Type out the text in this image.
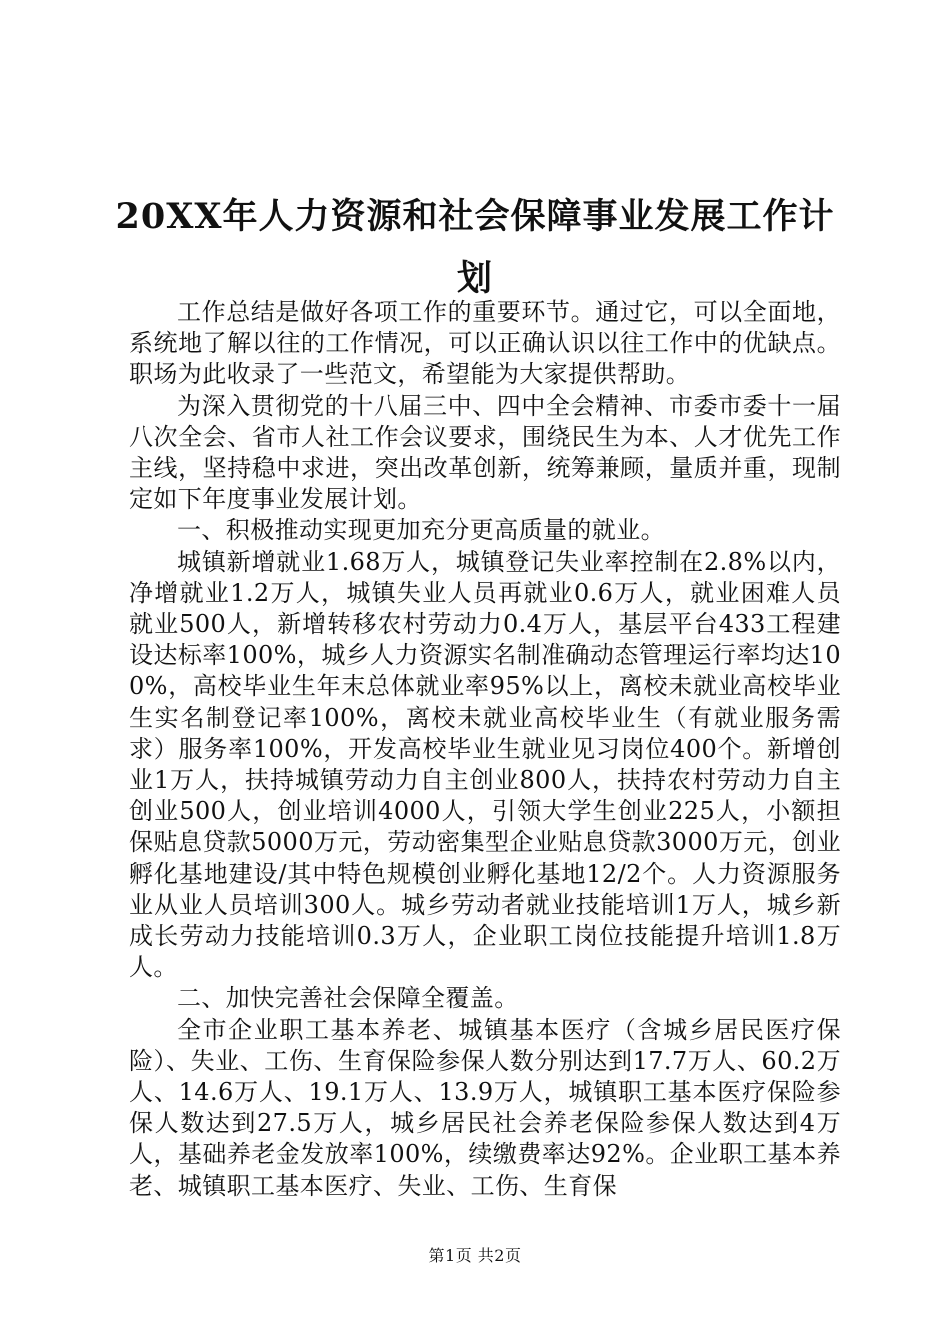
20XX年人力资源和社会保障事业发展工作计划

工作总结是做好各项工作的重要环节。通过它，可以全面地，系统地了解以往的工作情况，可以正确认识以往工作中的优缺点。职场为此收录了一些范文，希望能为大家提供帮助。

为深入贯彻党的十八届三中、四中全会精神、市委市委十一届八次全会、省市人社工作会议要求，围绕民生为本、人才优先工作主线，坚持稳中求进，突出改革创新，统筹兼顾，量质并重，现制定如下年度事业发展计划。

一、积极推动实现更加充分更高质量的就业。

城镇新增就业1.68万人，城镇登记失业率控制在2.8%以内，净增就业1.2万人，城镇失业人员再就业0.6万人，就业困难人员就业500人，新增转移农村劳动力0.4万人，基层平台433工程建设达标率100%，城乡人力资源实名制准确动态管理运行率均达100%，高校毕业生年末总体就业率95%以上，离校未就业高校毕业生实名制登记率100%，离校未就业高校毕业生（有就业服务需求）服务率100%，开发高校毕业生就业见习岗位400个。新增创业1万人，扶持城镇劳动力自主创业800人，扶持农村劳动力自主创业500人，创业培训4000人，引领大学生创业225人，小额担保贴息贷款5000万元，劳动密集型企业贴息贷款3000万元，创业孵化基地建设/其中特色规模创业孵化基地12/2个。人力资源服务业从业人员培训300人。城乡劳动者就业技能培训1万人，城乡新成长劳动力技能培训0.3万人，企业职工岗位技能提升培训1.8万人。

二、加快完善社会保障全覆盖。

全市企业职工基本养老、城镇基本医疗（含城乡居民医疗保险）、失业、工伤、生育保险参保人数分别达到17.7万人、60.2万人、14.6万人、19.1万人、13.9万人，城镇职工基本医疗保险参保人数达到27.5万人，城乡居民社会养老保险参保人数达到4万人，基础养老金发放率100%，续缴费率达92%。企业职工基本养老、城镇职工基本医疗、失业、工伤、生育保

第1页 共2页
